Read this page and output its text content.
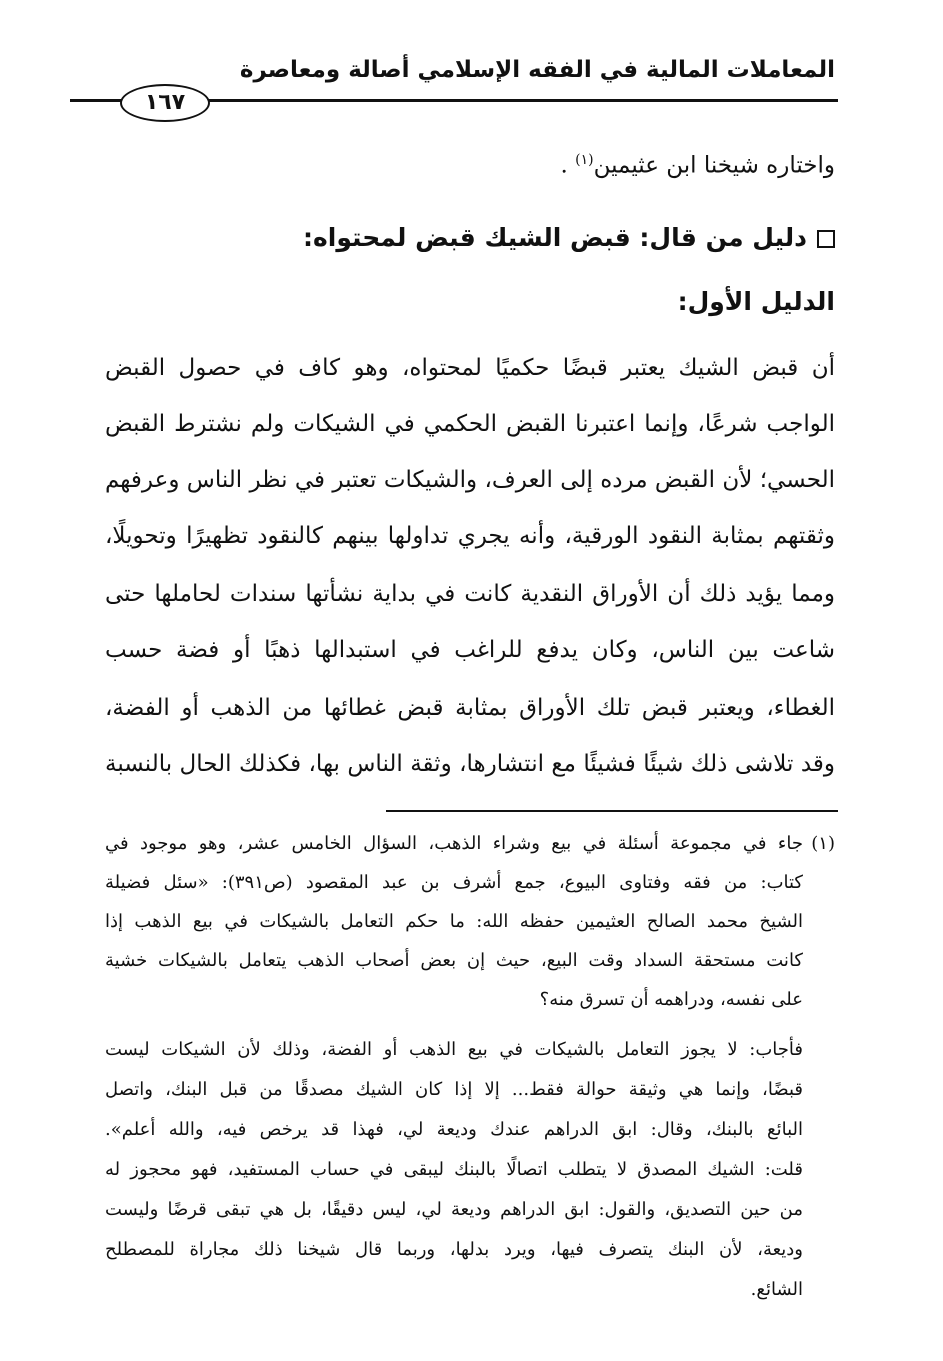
المعاملات المالية في الفقه الإسلامي أصالة ومعاصرة
١٦٧
واختاره شيخنا ابن عثيمين$^{(١)}$ .
دليل من قال: قبض الشيك قبض لمحتواه:
الدليل الأول:
أن قبض الشيك يعتبر قبضًا حكميًا لمحتواه، وهو كاف في حصول القبض
الواجب شرعًا، وإنما اعتبرنا القبض الحكمي في الشيكات ولم نشترط القبض
الحسي؛ لأن القبض مرده إلى العرف، والشيكات تعتبر في نظر الناس وعرفهم
وثقتهم بمثابة النقود الورقية، وأنه يجري تداولها بينهم كالنقود تظهيرًا وتحويلًا،
ومما يؤيد ذلك أن الأوراق النقدية كانت في بداية نشأتها سندات لحاملها حتى
شاعت بين الناس، وكان يدفع للراغب في استبدالها ذهبًا أو فضة حسب
الغطاء، ويعتبر قبض تلك الأوراق بمثابة قبض غطائها من الذهب أو الفضة،
وقد تلاشى ذلك شيئًا فشيئًا مع انتشارها، وثقة الناس بها، فكذلك الحال بالنسبة
(١)
جاء في مجموعة أسئلة في بيع وشراء الذهب، السؤال الخامس عشر، وهو موجود في
كتاب: من فقه وفتاوى البيوع، جمع أشرف بن عبد المقصود (ص٣٩١): «سئل فضيلة
الشيخ محمد الصالح العثيمين حفظه الله: ما حكم التعامل بالشيكات في بيع الذهب إذا
كانت مستحقة السداد وقت البيع، حيث إن بعض أصحاب الذهب يتعامل بالشيكات خشية
على نفسه، ودراهمه أن تسرق منه؟
فأجاب: لا يجوز التعامل بالشيكات في بيع الذهب أو الفضة، وذلك لأن الشيكات ليست
قبضًا، وإنما هي وثيقة حوالة فقط... إلا إذا كان الشيك مصدقًا من قبل البنك، واتصل
البائع بالبنك، وقال: ابق الدراهم عندك وديعة لي، فهذا قد يرخص فيه، والله أعلم».
قلت: الشيك المصدق لا يتطلب اتصالًا بالبنك ليبقى في حساب المستفيد، فهو محجوز له
من حين التصديق، والقول: ابق الدراهم وديعة لي، ليس دقيقًا، بل هي تبقى قرضًا وليست
وديعة، لأن البنك يتصرف فيها، ويرد بدلها، وربما قال شيخنا ذلك مجاراة للمصطلح
الشائع.
